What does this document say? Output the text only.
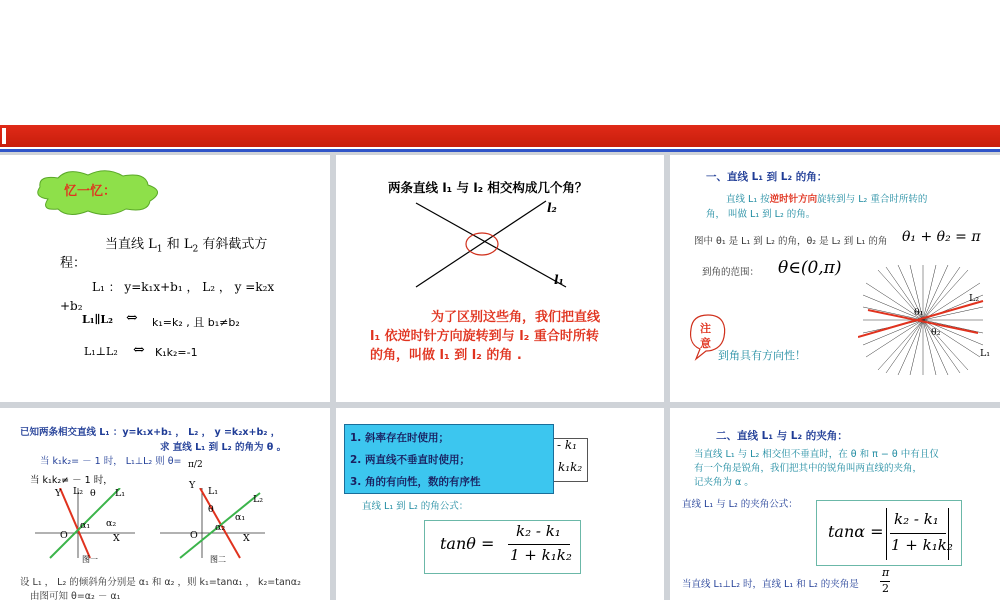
忆一忆：
当直线 $L_1$ 和 $L_2$ 有斜截式方
程：
L₁ ： y=k₁x+b₁ ， L₂ ， y =k₂x
+b₂
L₁∥L₂ ⇔ k₁=k₂ , 且 b₁≠b₂
L₁⊥L₂ ⇔ K₁k₂=-1
两条直线 l₁ 与 l₂ 相交构成几个角？
l₂
l₁
为了区别这些角，我们把直线
l₁ 依逆时针方向旋转到与 l₂ 重合时所转
的角，叫做 l₁ 到 l₂ 的角 .
一、直线 L₁ 到 L₂ 的角：
直线 L₁ 按逆时针方向旋转到与 L₂ 重合时所转的
角， 叫做 L₁ 到 L₂ 的角。
图中 θ₁ 是 L₁ 到 L₂ 的角，θ₂ 是 L₂ 到 L₁ 的角 θ₁ + θ₂ = π
到角的范围： θ∈(0,π)
注
意
到角具有方向性！
L₂
L₁
θ₁
θ₂
已知两条相交直线 L₁ ：y=k₁x+b₁ ， L₂ ， y =k₂x+b₂ ，
求 直线 L₁ 到 L₂ 的角为 θ 。
当 k₁k₂= － 1 时， L₁⊥L₂ 则 θ= π/2
当 k₁k₂≠ － 1 时，
Y L₂ θ L₁
α₁ α₂
O	X
图一
Y
L₁
L₂
θ
α₁
α₂
O	X
图二
设 L₁ ， L₂ 的倾斜角分别是 α₁ 和 α₂ ，则 k₁=tanα₁ ， k₂=tanα₂
由图可知 θ=α₂ － α₁
- k₁
k₁k₂
1. 斜率存在时使用；
2. 两直线不垂直时使用；
3. 角的有向性，数的有序性
直线 L₁ 到 L₂ 的角公式：
tanθ =
k₂ - k₁
1 + k₁k₂
二、直线 L₁ 与 L₂ 的夹角：
当直线 L₁ 与 L₂ 相交但不垂直时，在 θ 和 π − θ 中有且仅
有一个角是锐角，我们把其中的锐角叫两直线的夹角，
记夹角为 α 。
直线 L₁ 与 L₂ 的夹角公式：
tanα =
k₂ - k₁
1 + k₁k₂
当直线 L₁⊥L₂ 时，直线 L₁ 和 L₂ 的夹角是
π
2
